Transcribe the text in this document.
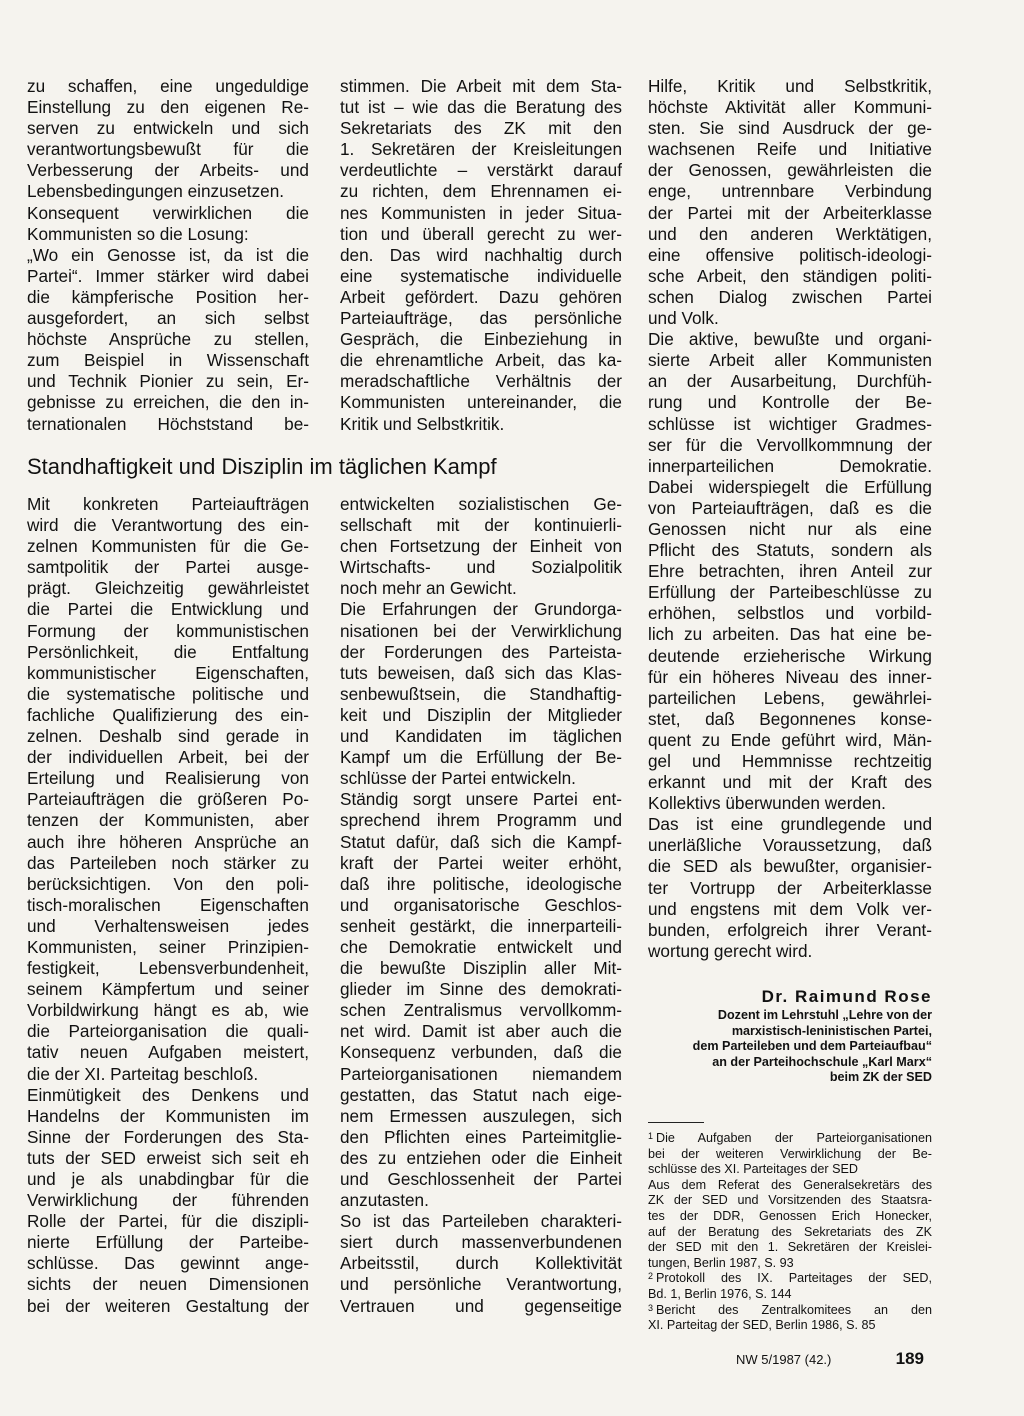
zu schaffen, eine ungeduldige
Einstellung zu den eigenen Re-
serven zu entwickeln und sich
verantwortungsbewußt für die
Verbesserung der Arbeits- und
Lebensbedingungen einzusetzen.
Konsequent verwirklichen die
Kommunisten so die Losung:
„Wo ein Genosse ist, da ist die
Partei“. Immer stärker wird dabei
die kämpferische Position her-
ausgefordert, an sich selbst
höchste Ansprüche zu stellen,
zum Beispiel in Wissenschaft
und Technik Pionier zu sein, Er-
gebnisse zu erreichen, die den in-
ternationalen Höchststand be-
stimmen. Die Arbeit mit dem Sta-
tut ist – wie das die Beratung des
Sekretariats des ZK mit den
1. Sekretären der Kreisleitungen
verdeutlichte – verstärkt darauf
zu richten, dem Ehrennamen ei-
nes Kommunisten in jeder Situa-
tion und überall gerecht zu wer-
den. Das wird nachhaltig durch
eine systematische individuelle
Arbeit gefördert. Dazu gehören
Parteiaufträge, das persönliche
Gespräch, die Einbeziehung in
die ehrenamtliche Arbeit, das ka-
meradschaftliche Verhältnis der
Kommunisten untereinander, die
Kritik und Selbstkritik.
Hilfe, Kritik und Selbstkritik,
höchste Aktivität aller Kommuni-
sten. Sie sind Ausdruck der ge-
wachsenen Reife und Initiative
der Genossen, gewährleisten die
enge, untrennbare Verbindung
der Partei mit der Arbeiterklasse
und den anderen Werktätigen,
eine offensive politisch-ideologi-
sche Arbeit, den ständigen politi-
schen Dialog zwischen Partei
und Volk.
Die aktive, bewußte und organi-
sierte Arbeit aller Kommunisten
an der Ausarbeitung, Durchfüh-
rung und Kontrolle der Be-
schlüsse ist wichtiger Gradmes-
ser für die Vervollkommnung der
innerparteilichen Demokratie.
Dabei widerspiegelt die Erfüllung
von Parteiaufträgen, daß es die
Genossen nicht nur als eine
Pflicht des Statuts, sondern als
Ehre betrachten, ihren Anteil zur
Erfüllung der Parteibeschlüsse zu
erhöhen, selbstlos und vorbild-
lich zu arbeiten. Das hat eine be-
deutende erzieherische Wirkung
für ein höheres Niveau des inner-
parteilichen Lebens, gewährlei-
stet, daß Begonnenes konse-
quent zu Ende geführt wird, Män-
gel und Hemmnisse rechtzeitig
erkannt und mit der Kraft des
Kollektivs überwunden werden.
Das ist eine grundlegende und
unerläßliche Voraussetzung, daß
die SED als bewußter, organisier-
ter Vortrupp der Arbeiterklasse
und engstens mit dem Volk ver-
bunden, erfolgreich ihrer Verant-
wortung gerecht wird.
Standhaftigkeit und Disziplin im täglichen Kampf
Mit konkreten Parteiaufträgen
wird die Verantwortung des ein-
zelnen Kommunisten für die Ge-
samtpolitik der Partei ausge-
prägt. Gleichzeitig gewährleistet
die Partei die Entwicklung und
Formung der kommunistischen
Persönlichkeit, die Entfaltung
kommunistischer Eigenschaften,
die systematische politische und
fachliche Qualifizierung des ein-
zelnen. Deshalb sind gerade in
der individuellen Arbeit, bei der
Erteilung und Realisierung von
Parteiaufträgen die größeren Po-
tenzen der Kommunisten, aber
auch ihre höheren Ansprüche an
das Parteileben noch stärker zu
berücksichtigen. Von den poli-
tisch-moralischen Eigenschaften
und Verhaltensweisen jedes
Kommunisten, seiner Prinzipien-
festigkeit, Lebensverbundenheit,
seinem Kämpfertum und seiner
Vorbildwirkung hängt es ab, wie
die Parteiorganisation die quali-
tativ neuen Aufgaben meistert,
die der XI. Parteitag beschloß.
Einmütigkeit des Denkens und
Handelns der Kommunisten im
Sinne der Forderungen des Sta-
tuts der SED erweist sich seit eh
und je als unabdingbar für die
Verwirklichung der führenden
Rolle der Partei, für die diszipli-
nierte Erfüllung der Parteibe-
schlüsse. Das gewinnt ange-
sichts der neuen Dimensionen
bei der weiteren Gestaltung der
entwickelten sozialistischen Ge-
sellschaft mit der kontinuierli-
chen Fortsetzung der Einheit von
Wirtschafts- und Sozialpolitik
noch mehr an Gewicht.
Die Erfahrungen der Grundorga-
nisationen bei der Verwirklichung
der Forderungen des Parteista-
tuts beweisen, daß sich das Klas-
senbewußtsein, die Standhaftig-
keit und Disziplin der Mitglieder
und Kandidaten im täglichen
Kampf um die Erfüllung der Be-
schlüsse der Partei entwickeln.
Ständig sorgt unsere Partei ent-
sprechend ihrem Programm und
Statut dafür, daß sich die Kampf-
kraft der Partei weiter erhöht,
daß ihre politische, ideologische
und organisatorische Geschlos-
senheit gestärkt, die innerparteili-
che Demokratie entwickelt und
die bewußte Disziplin aller Mit-
glieder im Sinne des demokrati-
schen Zentralismus vervollkomm-
net wird. Damit ist aber auch die
Konsequenz verbunden, daß die
Parteiorganisationen niemandem
gestatten, das Statut nach eige-
nem Ermessen auszulegen, sich
den Pflichten eines Parteimitglie-
des zu entziehen oder die Einheit
und Geschlossenheit der Partei
anzutasten.
So ist das Parteileben charakteri-
siert durch massenverbundenen
Arbeitsstil, durch Kollektivität
und persönliche Verantwortung,
Vertrauen und gegenseitige
Dr. Raimund Rose
Dozent im Lehrstuhl „Lehre von der
marxistisch-leninistischen Partei,
dem Parteileben und dem Parteiaufbau“
an der Parteihochschule „Karl Marx“
beim ZK der SED
$^1$ Die Aufgaben der Parteiorganisationen
bei der weiteren Verwirklichung der Be-
schlüsse des XI. Parteitages der SED
Aus dem Referat des Generalsekretärs des
ZK der SED und Vorsitzenden des Staatsra-
tes der DDR, Genossen Erich Honecker,
auf der Beratung des Sekretariats des ZK
der SED mit den 1. Sekretären der Kreislei-
tungen, Berlin 1987, S. 93
$^2$ Protokoll des IX. Parteitages der SED,
Bd. 1, Berlin 1976, S. 144
$^3$ Bericht des Zentralkomitees an den
XI. Parteitag der SED, Berlin 1986, S. 85
NW 5/1987 (42.)	189
